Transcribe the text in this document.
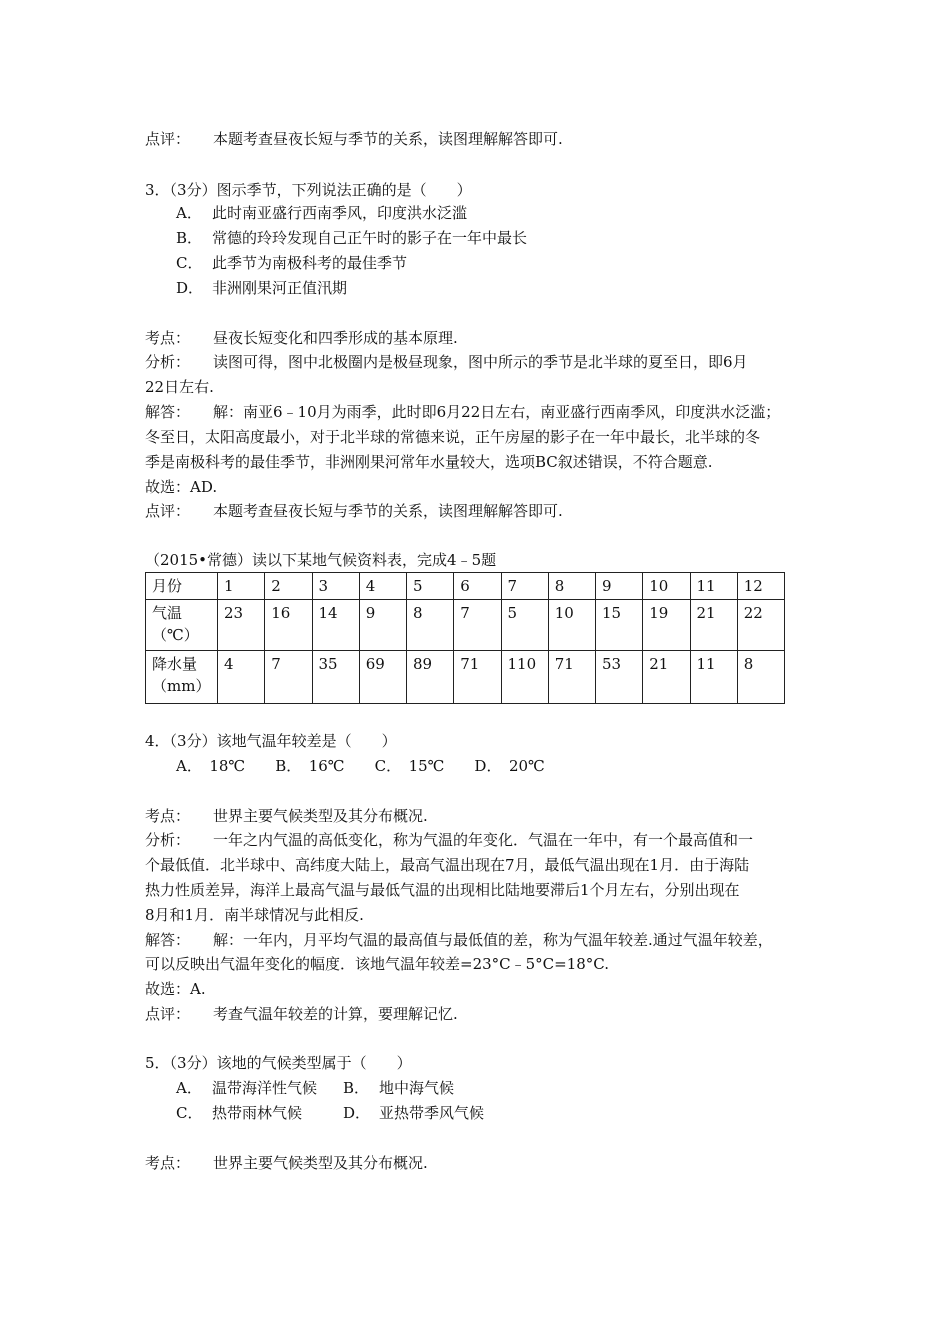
点评： 本题考查昼夜长短与季节的关系，读图理解解答即可.
3．（3分）图示季节，下列说法正确的是（　　）
A． 此时南亚盛行西南季风，印度洪水泛滥
B． 常德的玲玲发现自己正午时的影子在一年中最长
C． 此季节为南极科考的最佳季节
D． 非洲刚果河正值汛期
考点： 昼夜长短变化和四季形成的基本原理.
分析： 读图可得，图中北极圈内是极昼现象，图中所示的季节是北半球的夏至日，即6月
22日左右.
解答： 解：南亚6﹣10月为雨季，此时即6月22日左右，南亚盛行西南季风，印度洪水泛滥；
冬至日，太阳高度最小，对于北半球的常德来说，正午房屋的影子在一年中最长，北半球的冬
季是南极科考的最佳季节，非洲刚果河常年水量较大，选项BC叙述错误，不符合题意.
故选：AD.
点评： 本题考查昼夜长短与季节的关系，读图理解解答即可.
（2015•常德）读以下某地气候资料表，完成4﹣5题
月份	1	2	3	4	5	6	7	8	9	10	11	12
气温
（℃）	23	16	14	9	8	7	5	10	15	19	21	22
降水量
（mm）	4	7	35	69	89	71	110	71	53	21	11	8
4．（3分）该地气温年较差是（　　）
A．　18℃　　B．　16℃　　C．　15℃　　D．　20℃
考点： 世界主要气候类型及其分布概况.
分析： 一年之内气温的高低变化，称为气温的年变化．气温在一年中，有一个最高值和一
个最低值．北半球中、高纬度大陆上，最高气温出现在7月，最低气温出现在1月．由于海陆
热力性质差异，海洋上最高气温与最低气温的出现相比陆地要滞后1个月左右，分别出现在
8月和1月．南半球情况与此相反.
解答： 解：一年内，月平均气温的最高值与最低值的差，称为气温年较差.通过气温年较差，
可以反映出气温年变化的幅度．该地气温年较差=23°C﹣5°C=18°C.
故选：A.
点评： 考查气温年较差的计算，要理解记忆.
5．（3分）该地的气候类型属于（　　）
A． 温带海洋性气候 B． 地中海气候
C． 热带雨林气候	D． 亚热带季风气候
考点： 世界主要气候类型及其分布概况.
